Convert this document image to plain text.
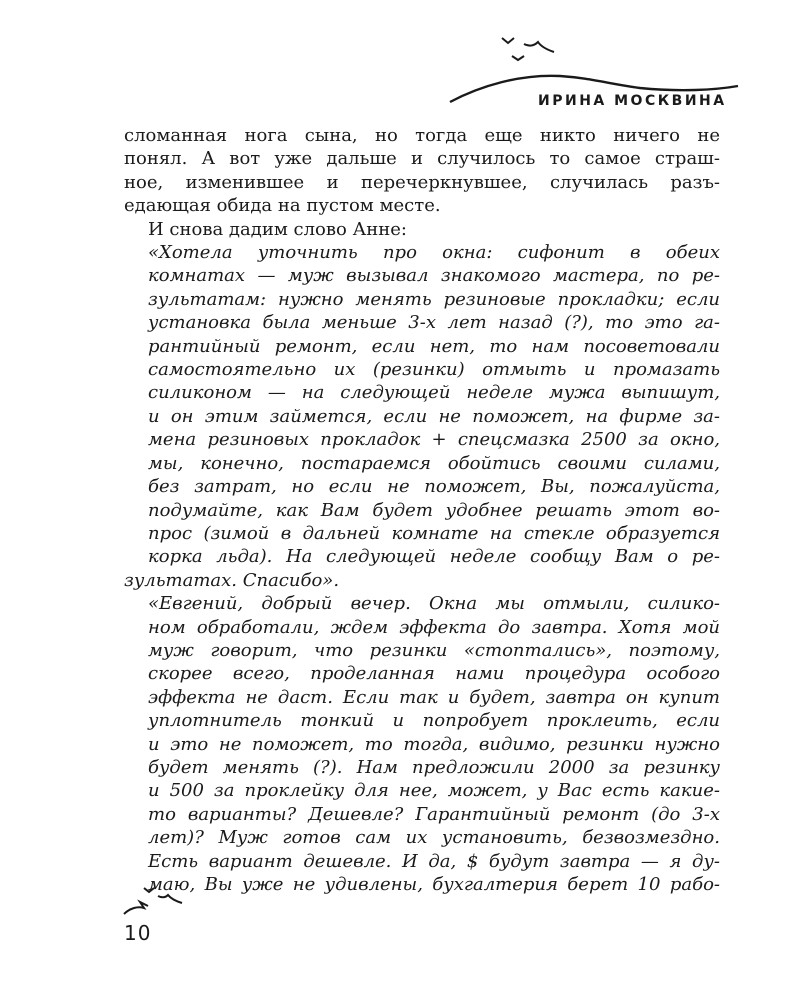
ИРИНА МОСКВИНА

сломанная нога сына, но тогда еще никто ничего не
понял. А вот уже дальше и случилось то самое страш-
ное, изменившее и перечеркнувшее, случилась разъ-

едающая обида на пустом месте.

И снова дадим слово Анне:

«Хотела уточнить про окна: сифонит в обеих
комнатах — муж вызывал знакомого мастера, по ре-
зультатам: нужно менять резиновые прокладки; если
установка была меньше 3-х лет назад (?), то это га-
рантийный ремонт, если нет, то нам посоветовали
самостоятельно их (резинки) отмыть и промазать
силиконом — на следующей неделе мужа выпишут,
и он этим займется, если не поможет, на фирме за-
мена резиновых прокладок + спецсмазка 2500 за окно,
мы, конечно, постараемся обойтись своими силами,
без затрат, но если не поможет, Вы, пожалуйста,
подумайте, как Вам будет удобнее решать этот во-
прос (зимой в дальней комнате на стекле образуется
корка льда). На следующей неделе сообщу Вам о ре-

зультатах. Спасибо».

«Евгений, добрый вечер. Окна мы отмыли, силико-
ном обработали, ждем эффекта до завтра. Хотя мой
муж говорит, что резинки «стоптались», поэтому,
скорее всего, проделанная нами процедура особого
эффекта не даст. Если так и будет, завтра он купит
уплотнитель тонкий и попробует проклеить, если
и это не поможет, то тогда, видимо, резинки нужно
будет менять (?). Нам предложили 2000 за резинку
и 500 за проклейку для нее, может, у Вас есть какие-
то варианты? Дешевле? Гарантийный ремонт (до 3-х
лет)? Муж готов сам их установить, безвозмездно.
Есть вариант дешевле. И да, $ будут завтра — я ду-
маю, Вы уже не удивлены, бухгалтерия берет 10 рабо-

10
